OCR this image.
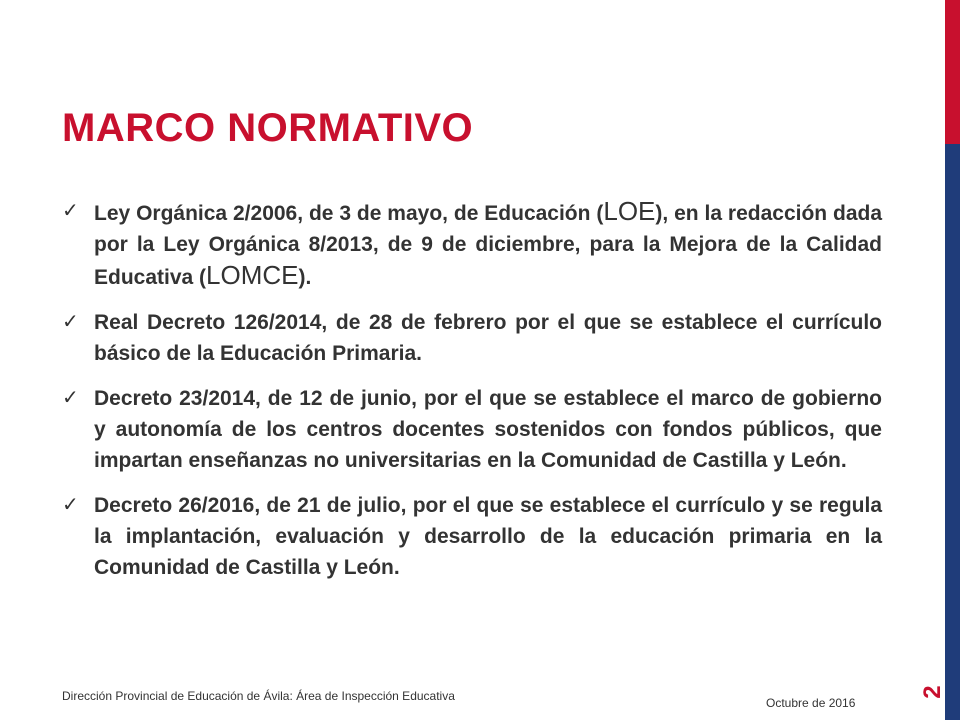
MARCO NORMATIVO
✓ Ley Orgánica 2/2006, de 3 de mayo, de Educación (LOE), en la redacción dada por la Ley Orgánica 8/2013, de 9 de diciembre, para la Mejora de la Calidad Educativa (LOMCE).
✓ Real Decreto 126/2014, de 28 de febrero por el que se establece el currículo básico de la Educación Primaria.
✓ Decreto 23/2014, de 12 de junio, por el que se establece el marco de gobierno y autonomía de los centros docentes sostenidos con fondos públicos, que impartan enseñanzas no universitarias en la Comunidad de Castilla y León.
✓ Decreto 26/2016, de 21 de julio, por el que se establece el currículo y se regula la implantación, evaluación y desarrollo de la educación primaria en la Comunidad de Castilla y León.
Dirección Provincial de Educación de Ávila: Área de Inspección Educativa	Octubre de 2016
2
